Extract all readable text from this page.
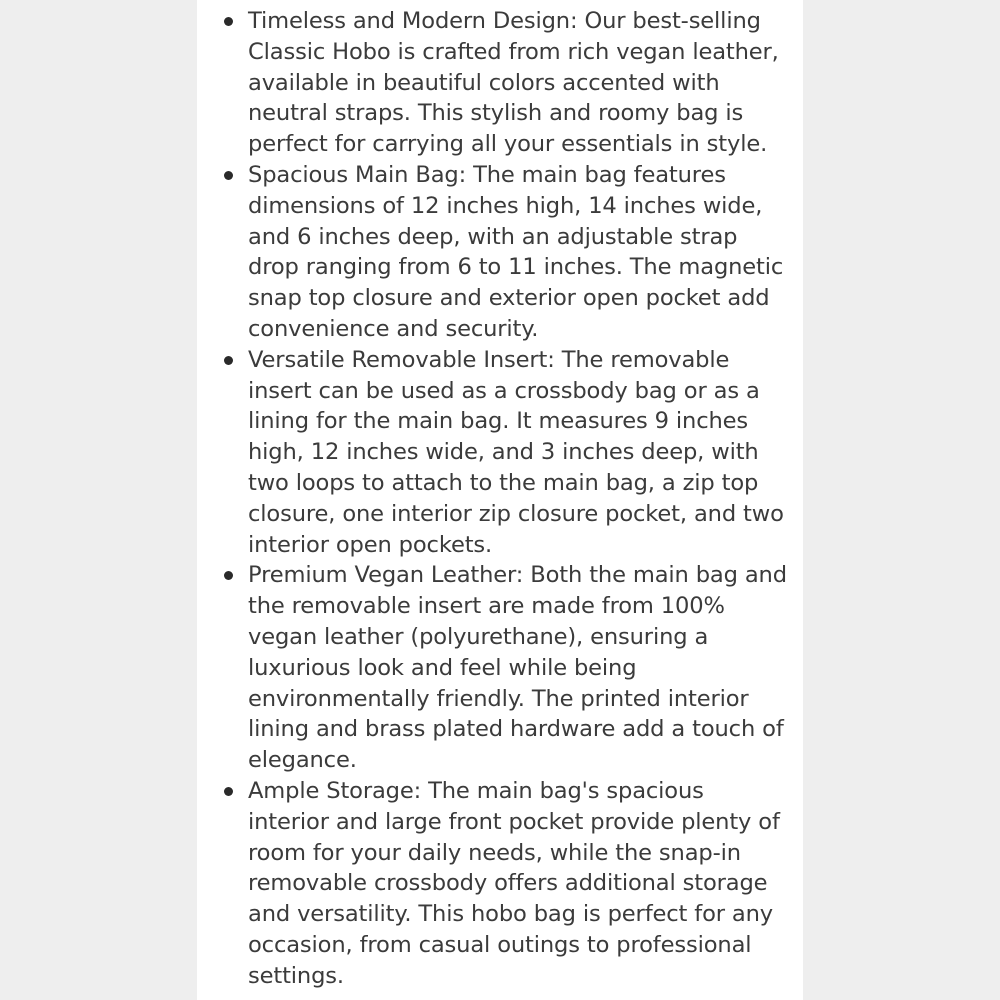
Timeless and Modern Design: Our best-selling Classic Hobo is crafted from rich vegan leather, available in beautiful colors accented with neutral straps. This stylish and roomy bag is perfect for carrying all your essentials in style.
Spacious Main Bag: The main bag features dimensions of 12 inches high, 14 inches wide, and 6 inches deep, with an adjustable strap drop ranging from 6 to 11 inches. The magnetic snap top closure and exterior open pocket add convenience and security.
Versatile Removable Insert: The removable insert can be used as a crossbody bag or as a lining for the main bag. It measures 9 inches high, 12 inches wide, and 3 inches deep, with two loops to attach to the main bag, a zip top closure, one interior zip closure pocket, and two interior open pockets.
Premium Vegan Leather: Both the main bag and the removable insert are made from 100% vegan leather (polyurethane), ensuring a luxurious look and feel while being environmentally friendly. The printed interior lining and brass plated hardware add a touch of elegance.
Ample Storage: The main bag's spacious interior and large front pocket provide plenty of room for your daily needs, while the snap-in removable crossbody offers additional storage and versatility. This hobo bag is perfect for any occasion, from casual outings to professional settings.
